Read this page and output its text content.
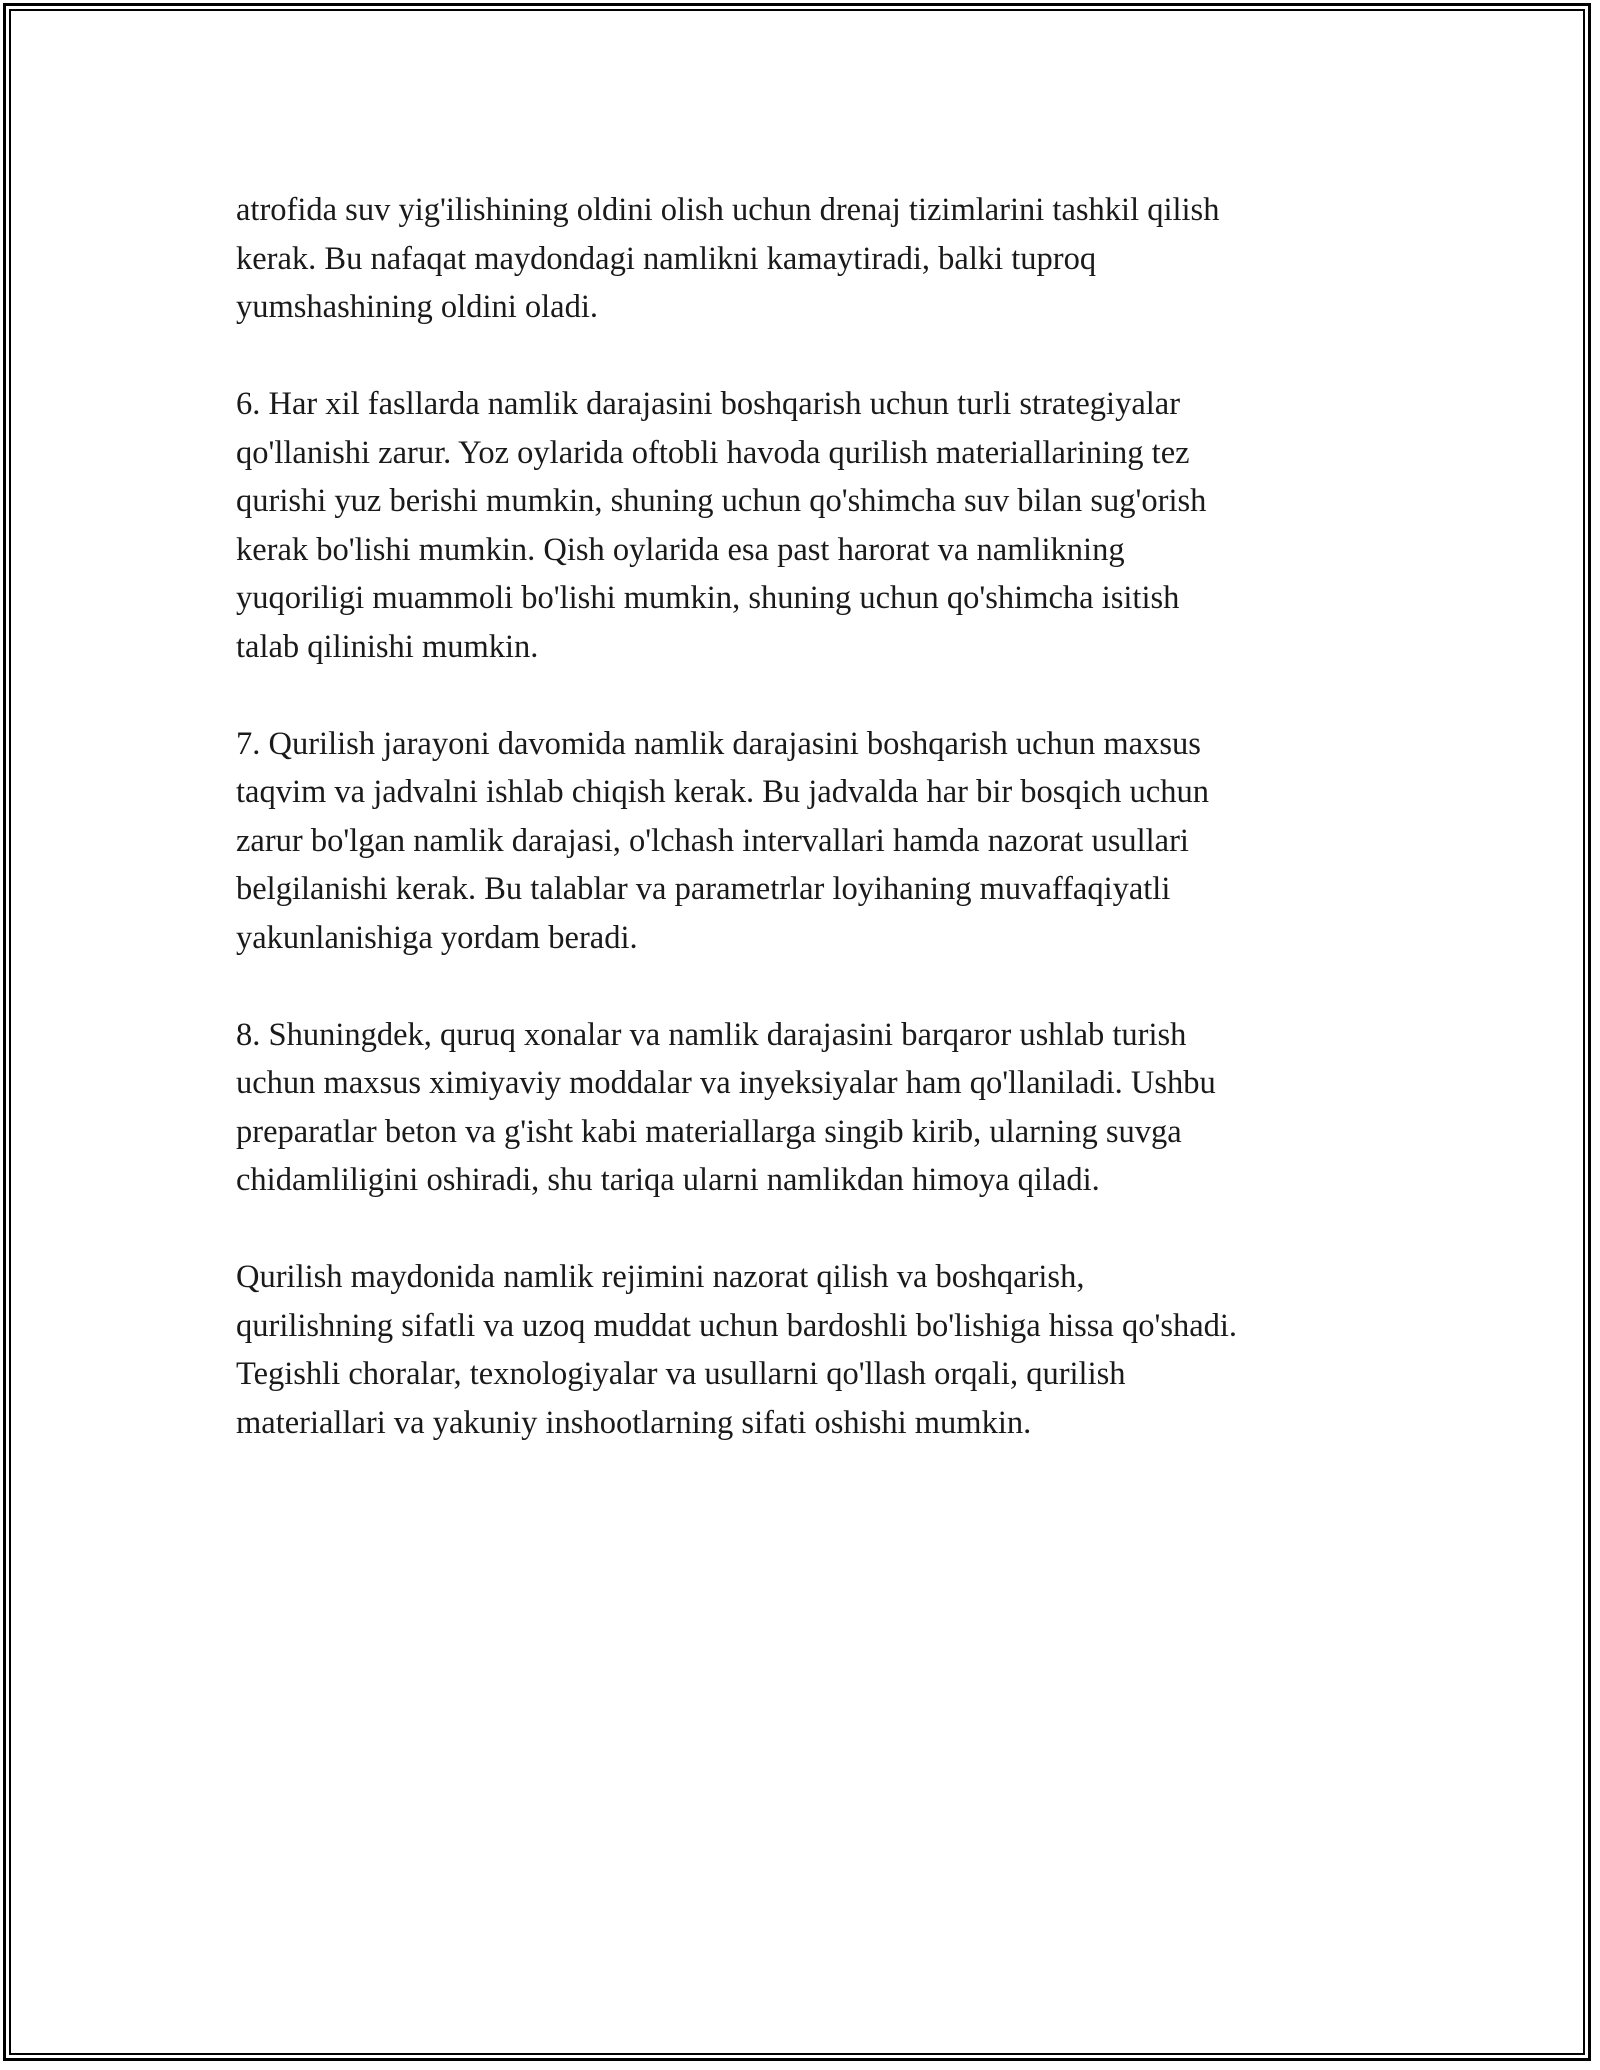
atrofida suv yig'ilishining oldini olish uchun drenaj tizimlarini tashkil qilish
kerak. Bu nafaqat maydondagi namlikni kamaytiradi, balki tuproq
yumshashining oldini oladi.

6. Har xil fasllarda namlik darajasini boshqarish uchun turli strategiyalar
qo'llanishi zarur. Yoz oylarida oftobli havoda qurilish materiallarining tez
qurishi yuz berishi mumkin, shuning uchun qo'shimcha suv bilan sug'orish
kerak bo'lishi mumkin. Qish oylarida esa past harorat va namlikning
yuqoriligi muammoli bo'lishi mumkin, shuning uchun qo'shimcha isitish
talab qilinishi mumkin.

7. Qurilish jarayoni davomida namlik darajasini boshqarish uchun maxsus
taqvim va jadvalni ishlab chiqish kerak. Bu jadvalda har bir bosqich uchun
zarur bo'lgan namlik darajasi, o'lchash intervallari hamda nazorat usullari
belgilanishi kerak. Bu talablar va parametrlar loyihaning muvaffaqiyatli
yakunlanishiga yordam beradi.

8. Shuningdek, quruq xonalar va namlik darajasini barqaror ushlab turish
uchun maxsus ximiyaviy moddalar va inyeksiyalar ham qo'llaniladi. Ushbu
preparatlar beton va g'isht kabi materiallarga singib kirib, ularning suvga
chidamliligini oshiradi, shu tariqa ularni namlikdan himoya qiladi.

Qurilish maydonida namlik rejimini nazorat qilish va boshqarish,
qurilishning sifatli va uzoq muddat uchun bardoshli bo'lishiga hissa qo'shadi.
Tegishli choralar, texnologiyalar va usullarni qo'llash orqali, qurilish
materiallari va yakuniy inshootlarning sifati oshishi mumkin.
